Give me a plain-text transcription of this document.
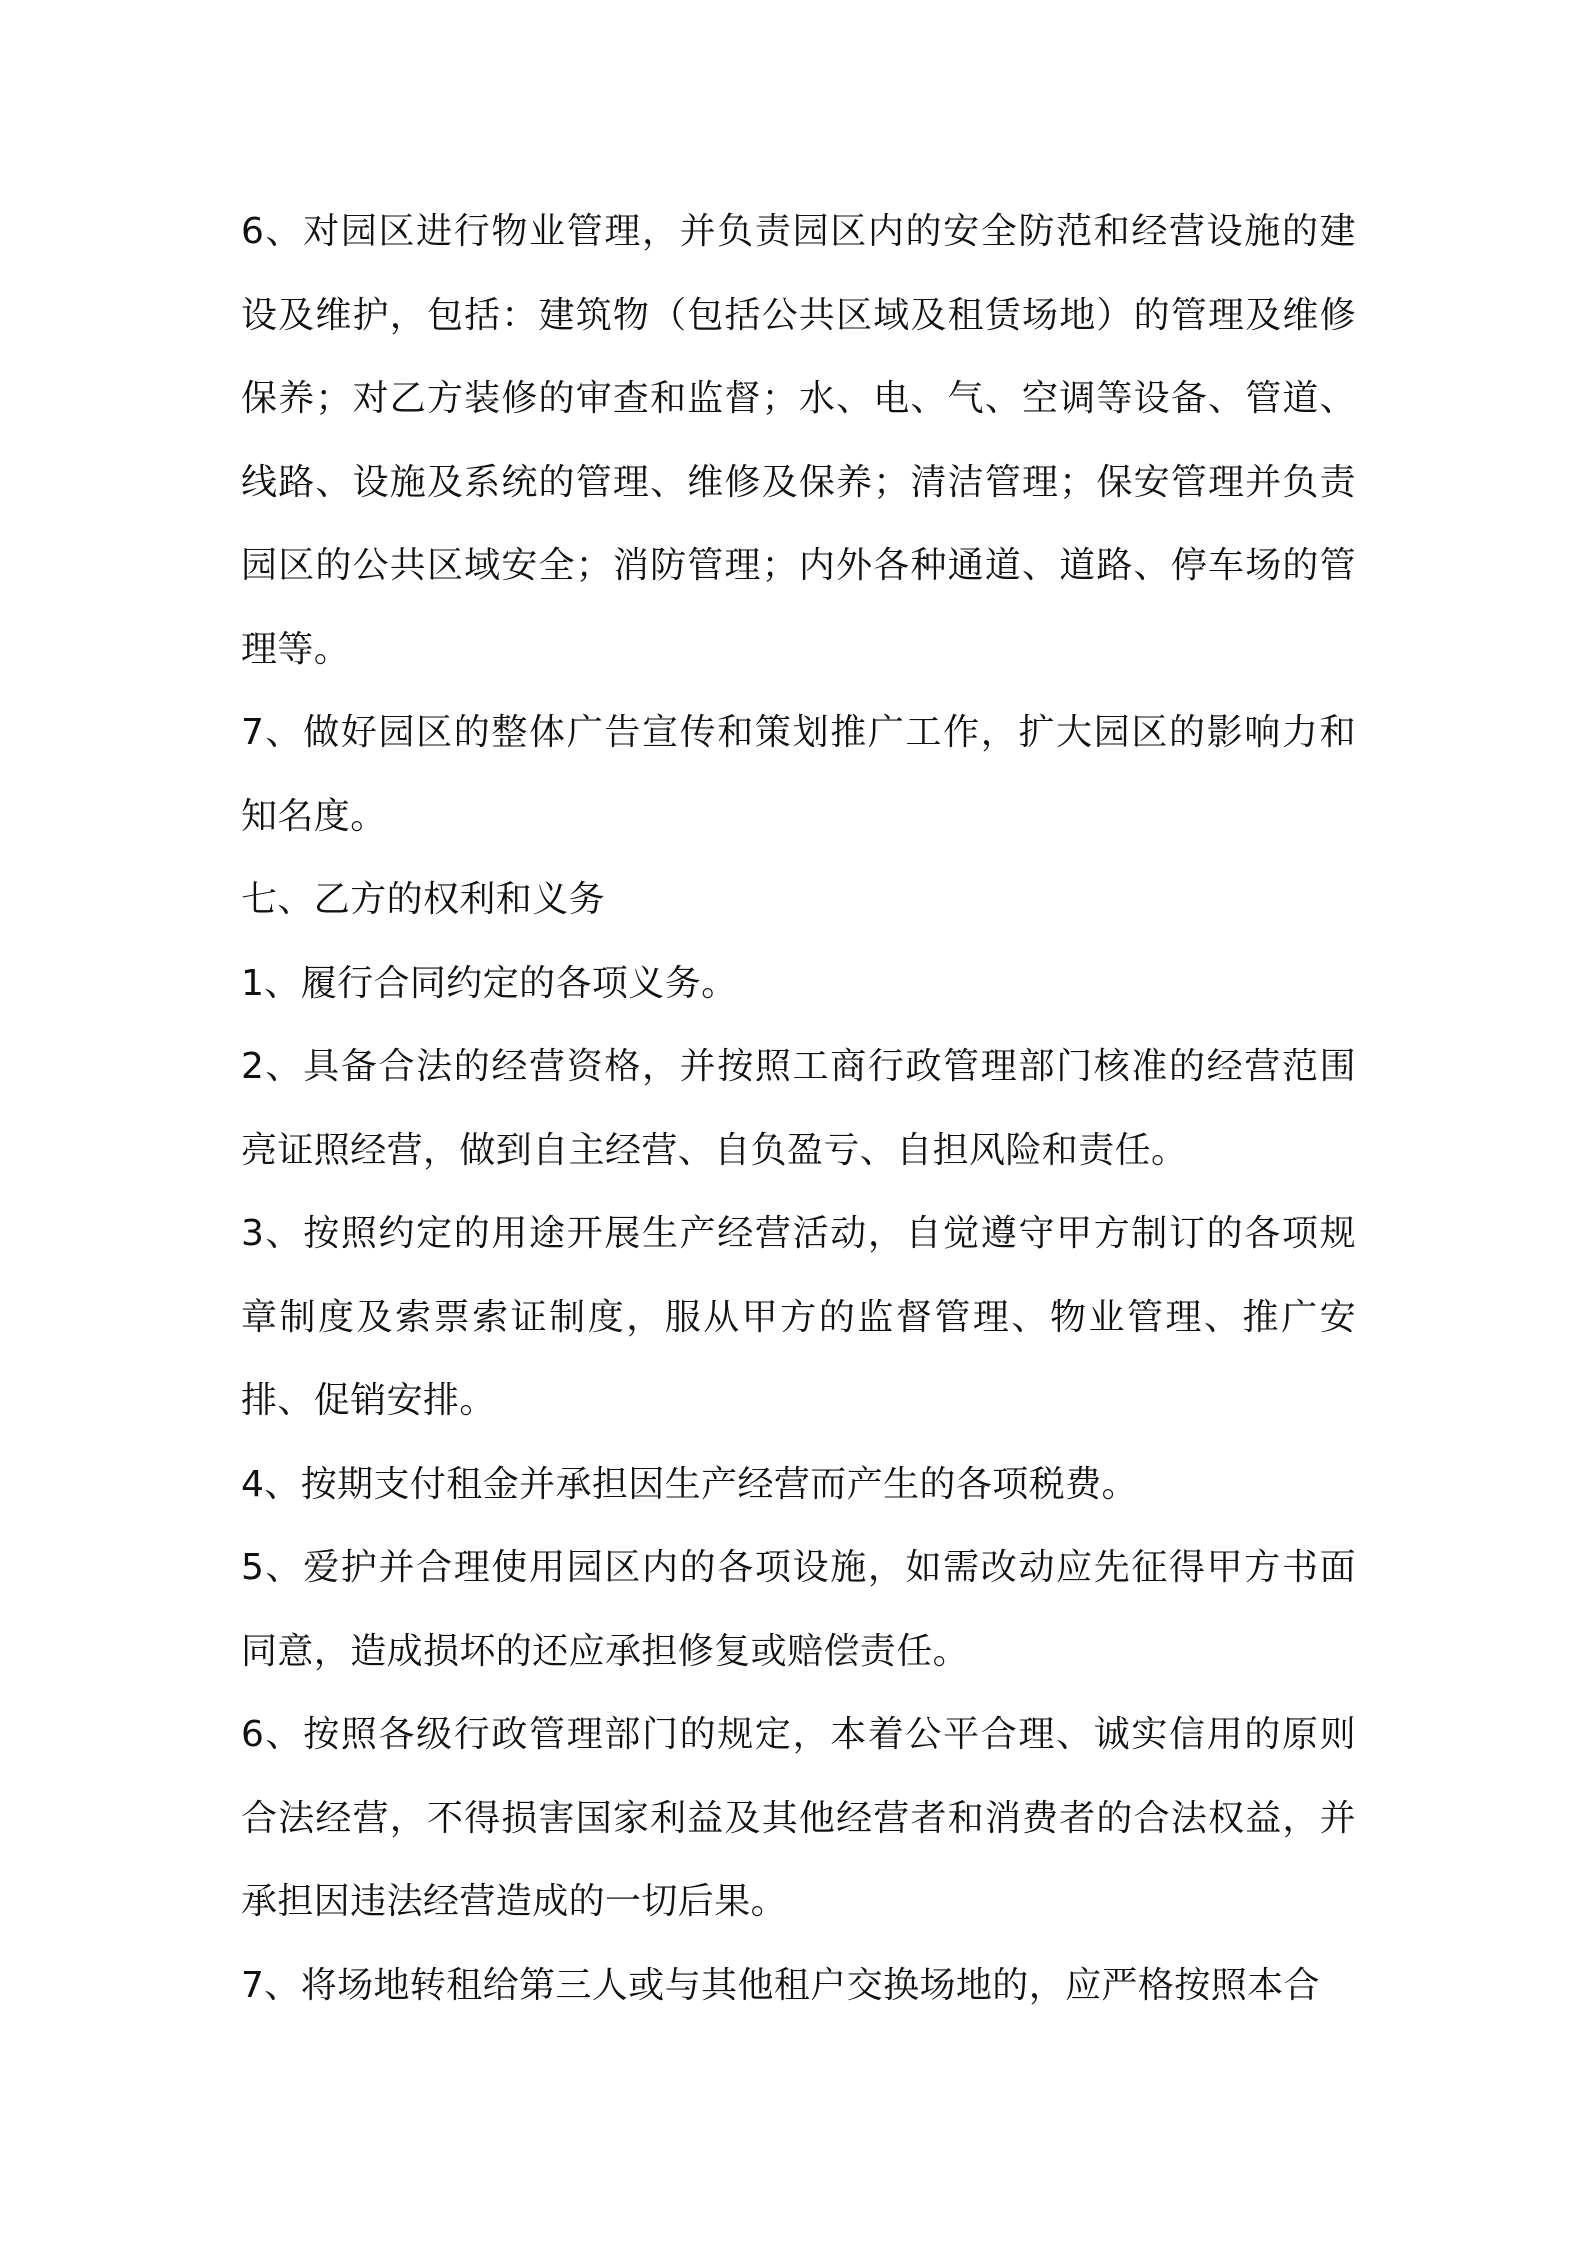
6、对园区进行物业管理，并负责园区内的安全防范和经营设施的建设及维护，包括：建筑物（包括公共区域及租赁场地）的管理及维修保养；对乙方装修的审查和监督；水、电、气、空调等设备、管道、线路、设施及系统的管理、维修及保养；清洁管理；保安管理并负责园区的公共区域安全；消防管理；内外各种通道、道路、停车场的管理等。

7、做好园区的整体广告宣传和策划推广工作，扩大园区的影响力和知名度。

七、乙方的权利和义务

1、履行合同约定的各项义务。

2、具备合法的经营资格，并按照工商行政管理部门核准的经营范围亮证照经营，做到自主经营、自负盈亏、自担风险和责任。

3、按照约定的用途开展生产经营活动，自觉遵守甲方制订的各项规章制度及索票索证制度，服从甲方的监督管理、物业管理、推广安排、促销安排。

4、按期支付租金并承担因生产经营而产生的各项税费。

5、爱护并合理使用园区内的各项设施，如需改动应先征得甲方书面同意，造成损坏的还应承担修复或赔偿责任。

6、按照各级行政管理部门的规定，本着公平合理、诚实信用的原则合法经营，不得损害国家利益及其他经营者和消费者的合法权益，并承担因违法经营造成的一切后果。

7、将场地转租给第三人或与其他租户交换场地的，应严格按照本合
